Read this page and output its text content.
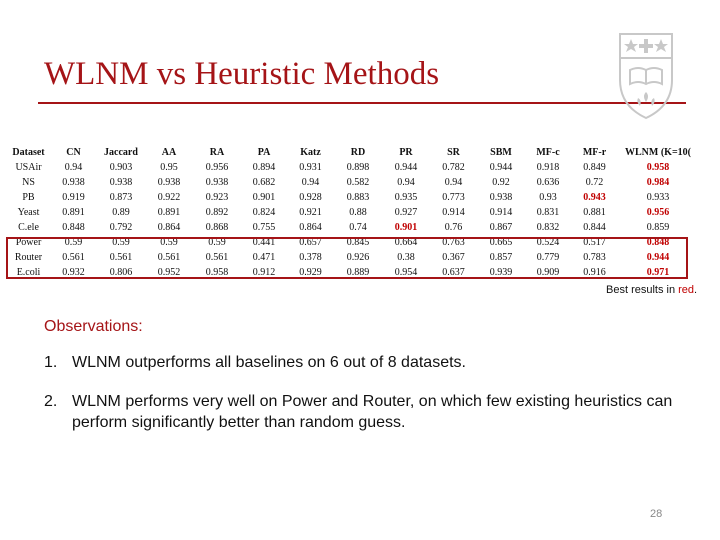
WLNM vs Heuristic Methods
Dataset	CN	Jaccard	AA	RA	PA	Katz	RD	PR	SR	SBM	MF-c	MF-r	WLNM (K=10(
USAir	0.94	0.903	0.95	0.956	0.894	0.931	0.898	0.944	0.782	0.944	0.918	0.849	0.958
NS	0.938	0.938	0.938	0.938	0.682	0.94	0.582	0.94	0.94	0.92	0.636	0.72	0.984
PB	0.919	0.873	0.922	0.923	0.901	0.928	0.883	0.935	0.773	0.938	0.93	0.943	0.933
Yeast	0.891	0.89	0.891	0.892	0.824	0.921	0.88	0.927	0.914	0.914	0.831	0.881	0.956
C.ele	0.848	0.792	0.864	0.868	0.755	0.864	0.74	0.901	0.76	0.867	0.832	0.844	0.859
Power	0.59	0.59	0.59	0.59	0.441	0.657	0.845	0.664	0.763	0.665	0.524	0.517	0.848
Router	0.561	0.561	0.561	0.561	0.471	0.378	0.926	0.38	0.367	0.857	0.779	0.783	0.944
E.coli	0.932	0.806	0.952	0.958	0.912	0.929	0.889	0.954	0.637	0.939	0.909	0.916	0.971
Best results in red.
Observations:
1. WLNM outperforms all baselines on 6 out of 8 datasets.
2. WLNM performs very well on Power and Router, on which few existing heuristics can perform significantly better than random guess.
28
